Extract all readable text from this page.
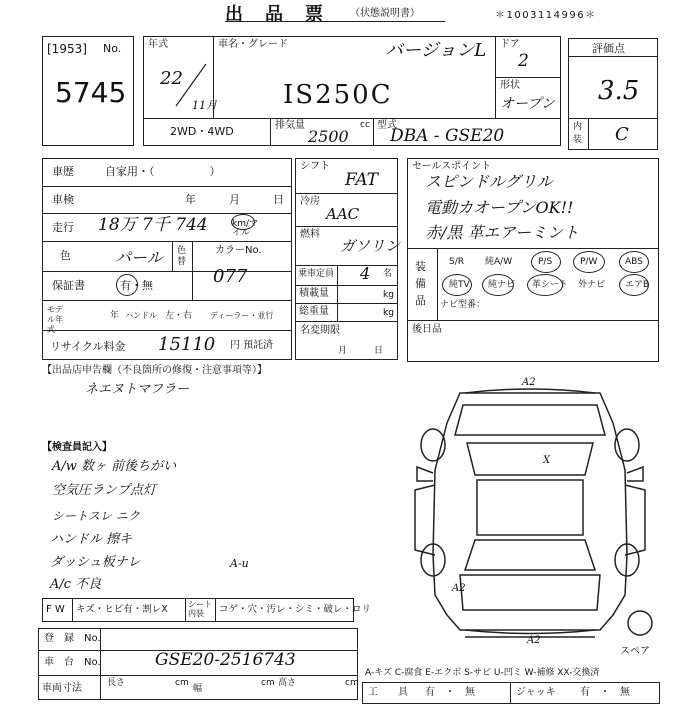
出　品　票	（状態説明書）	＊1003114996＊
[1953] No.
5745
年式
22
11月
車名・グレード	バージョンL
IS250C
ドア
2
形状
オープン
2WD・4WD	排気量	cc
2500
型式
DBA - GSE20
評価点
3.5
内装 C
車歴	自家用・（　　　　　）
車検	年　　　月　　　日
走行 18万 7千 744	km/マイル
色	パール 色替
カラーNo.
077
保証書	有・無
モデル年式
年 ハンドル 左・右 ディーラー・並行
リサイクル料金 15110 円 預託済
シフト
FAT
冷房
AAC
燃料
ガソリン
乗車定員 4 名
積載量	kg
総重量	kg
名変期限
月　　　日
セールスポイント
スピンドルグリル
電動カオープンOK!!
赤/黒 革エアーミント
装備品
S/R 純A/W	P/S	P/W	ABS
純TV 純ナビ 革シート 外ナビ エアB
ナビ型番：
後日品
【出品店申告欄（不良箇所の修復・注意事項等）】
ネエヌトマフラー
【検査員記入】
A/w 数ヶ 前後ちがい
空気圧ランプ点灯
シートスレ ニク
ハンドル 擦キ
ダッシュ板ナレ
A/c 不良
A-u
F W キズ・ヒビ有・割レX	シート内装	コゲ・穴・汚レ・シミ・破レ・ロリ
登　録　No.
車　台　No.	GSE20-2516743
車両寸法	長さ	cm
幅
cm 高さ	cm
A2
X
A2
A2
スペア
A-キズ C-腐食 E-エクボ S-サビ U-凹ミ W-補修 XX-交換済
工　　具 有　・　無	ジャッキ 有　・　無
